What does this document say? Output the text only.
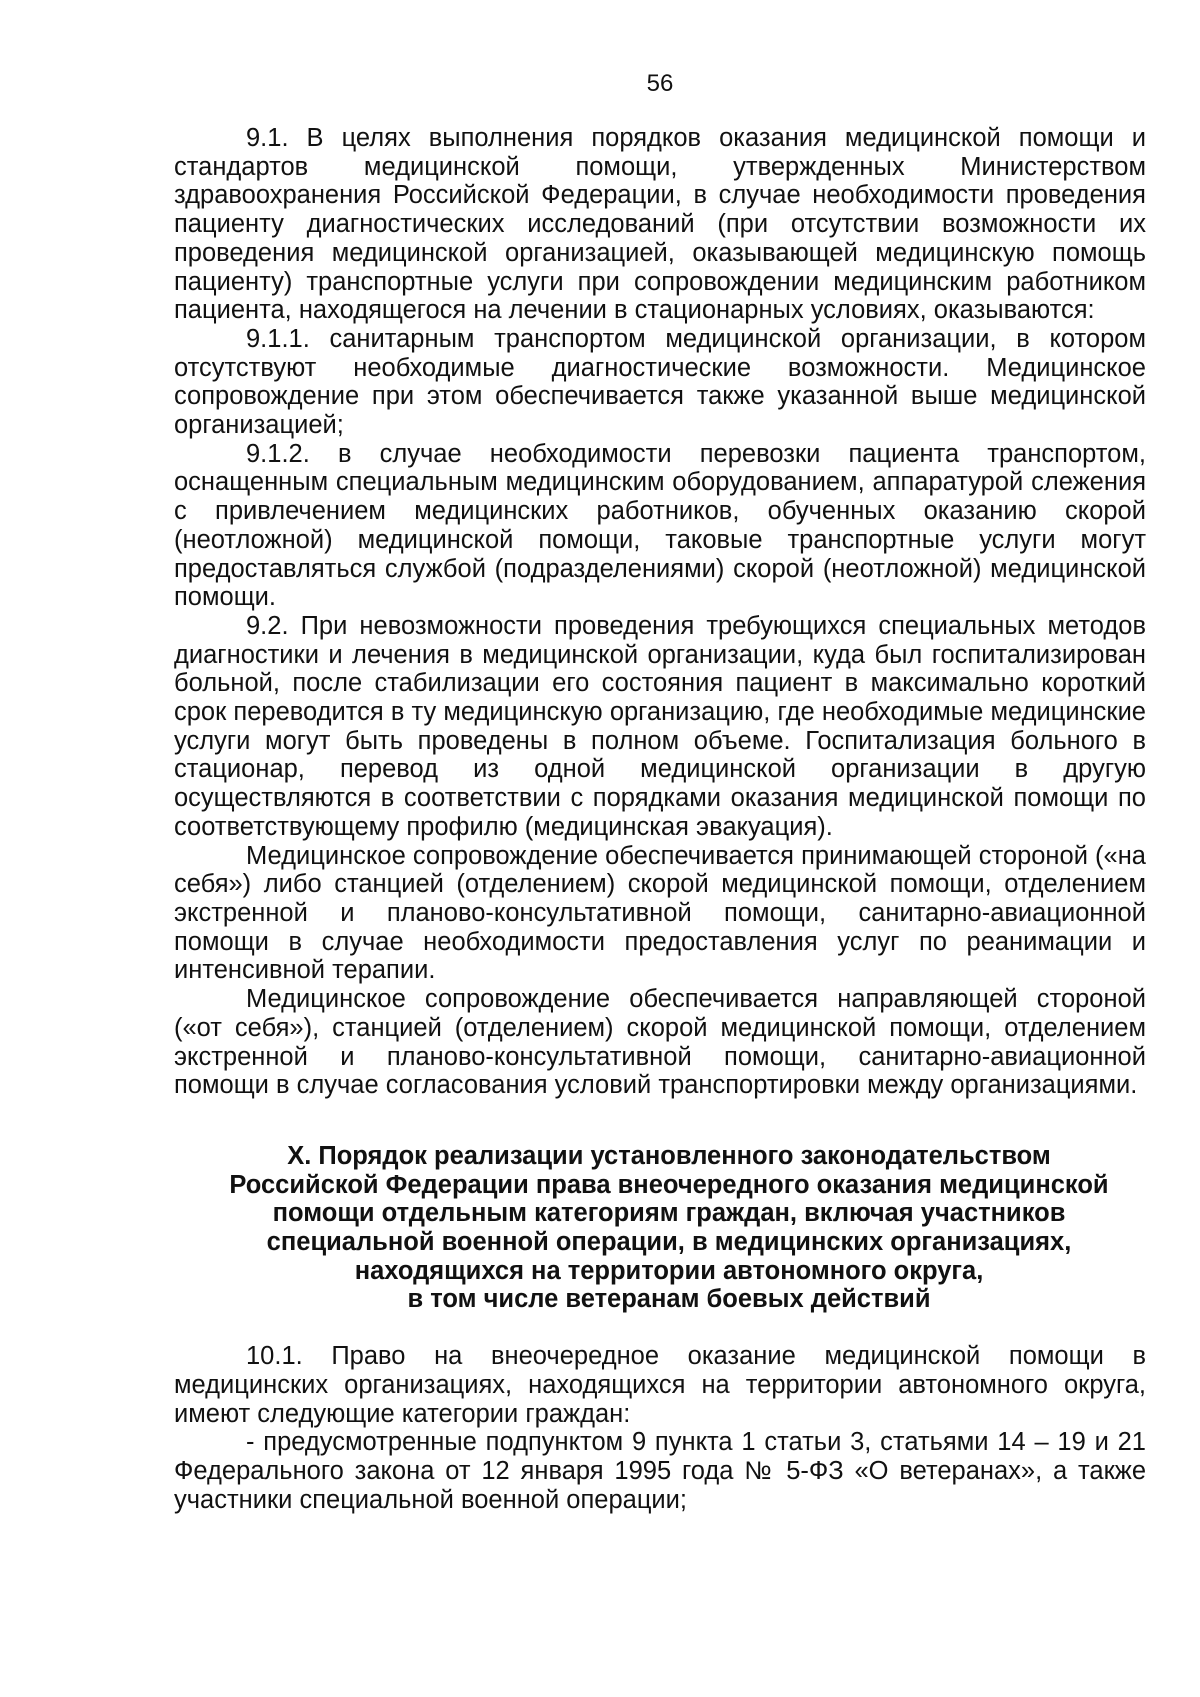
56

9.1. В целях выполнения порядков оказания медицинской помощи и стандартов медицинской помощи, утвержденных Министерством здравоохранения Российской Федерации, в случае необходимости проведения пациенту диагностических исследований (при отсутствии возможности их проведения медицинской организацией, оказывающей медицинскую помощь пациенту) транспортные услуги при сопровождении медицинским работником пациента, находящегося на лечении в стационарных условиях, оказываются:

9.1.1. санитарным транспортом медицинской организации, в котором отсутствуют необходимые диагностические возможности. Медицинское сопровождение при этом обеспечивается также указанной выше медицинской организацией;

9.1.2. в случае необходимости перевозки пациента транспортом, оснащенным специальным медицинским оборудованием, аппаратурой слежения с привлечением медицинских работников, обученных оказанию скорой (неотложной) медицинской помощи, таковые транспортные услуги могут предоставляться службой (подразделениями) скорой (неотложной) медицинской помощи.

9.2. При невозможности проведения требующихся специальных методов диагностики и лечения в медицинской организации, куда был госпитализирован больной, после стабилизации его состояния пациент в максимально короткий срок переводится в ту медицинскую организацию, где необходимые медицинские услуги могут быть проведены в полном объеме. Госпитализация больного в стационар, перевод из одной медицинской организации в другую осуществляются в соответствии с порядками оказания медицинской помощи по соответствующему профилю (медицинская эвакуация).

Медицинское сопровождение обеспечивается принимающей стороной («на себя») либо станцией (отделением) скорой медицинской помощи, отделением экстренной и планово-консультативной помощи, санитарно-авиационной помощи в случае необходимости предоставления услуг по реанимации и интенсивной терапии.

Медицинское сопровождение обеспечивается направляющей стороной («от себя»), станцией (отделением) скорой медицинской помощи, отделением экстренной и планово-консультативной помощи, санитарно-авиационной помощи в случае согласования условий транспортировки между организациями.

X. Порядок реализации установленного законодательством
Российской Федерации права внеочередного оказания медицинской
помощи отдельным категориям граждан, включая участников
специальной военной операции, в медицинских организациях,
находящихся на территории автономного округа,
в том числе ветеранам боевых действий

10.1. Право на внеочередное оказание медицинской помощи в медицинских организациях, находящихся на территории автономного округа, имеют следующие категории граждан:

- предусмотренные подпунктом 9 пункта 1 статьи 3, статьями 14 – 19 и 21 Федерального закона от 12 января 1995 года № 5-ФЗ «О ветеранах», а также участники специальной военной операции;
